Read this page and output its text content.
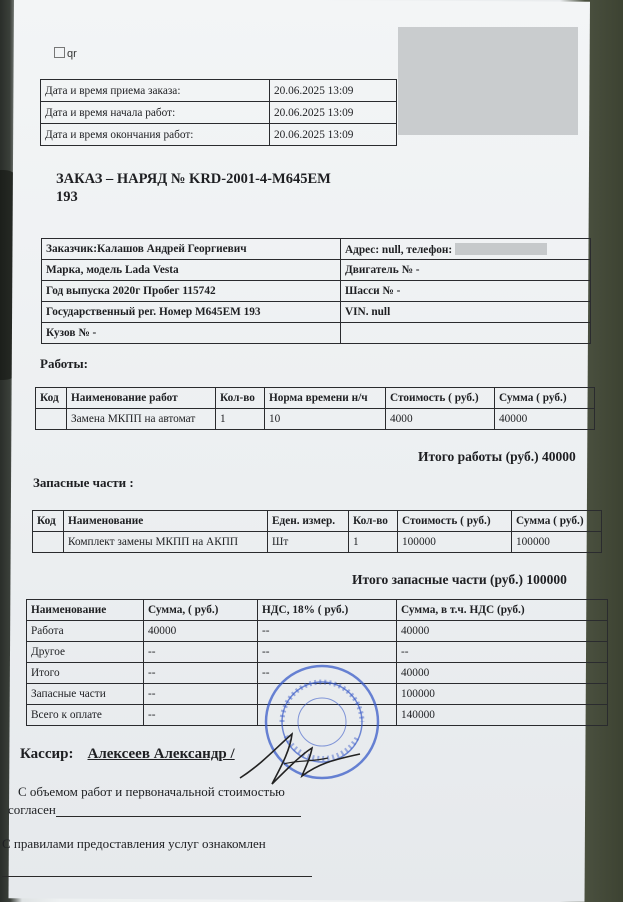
qr
Дата и время приема заказа:	20.06.2025 13:09
Дата и время начала работ:	20.06.2025 13:09
Дата и время окончания работ:	20.06.2025 13:09
ЗАКАЗ – НАРЯД № KRD-2001-4-M645EM
193
Заказчик:Калашов Андрей Георгиевич	Адрес: null, телефон:
Марка, модель Lada Vesta	Двигатель № -
Год выпуска 2020г Пробег 115742	Шасси № -
Государственный рег. Номер М645ЕМ 193	VIN. null
Кузов № -	
Работы:
Код	Наименование работ	Кол-во	Норма времени н/ч	Стоимость ( руб.)	Сумма ( руб.)
	Замена МКПП на автомат	1	10	4000	40000
Итого работы (руб.) 40000
Запасные части :
Код	Наименование	Еден. измер.	Кол-во	Стоимость ( руб.)	Сумма ( руб.)
	Комплект замены МКПП на АКПП	Шт	1	100000	100000
Итого запасные части (руб.) 100000
Наименование	Сумма, ( руб.)	НДС, 18% ( руб.)	Сумма, в т.ч. НДС (руб.)
Работа	40000	--	40000
Другое	--	--	--
Итого	--	--	40000
Запасные части	--		100000
Всего к оплате	--		140000
Кассир: Алексеев Александр /
С объемом работ и первоначальной стоимостью
согласен
С правилами предоставления услуг ознакомлен
